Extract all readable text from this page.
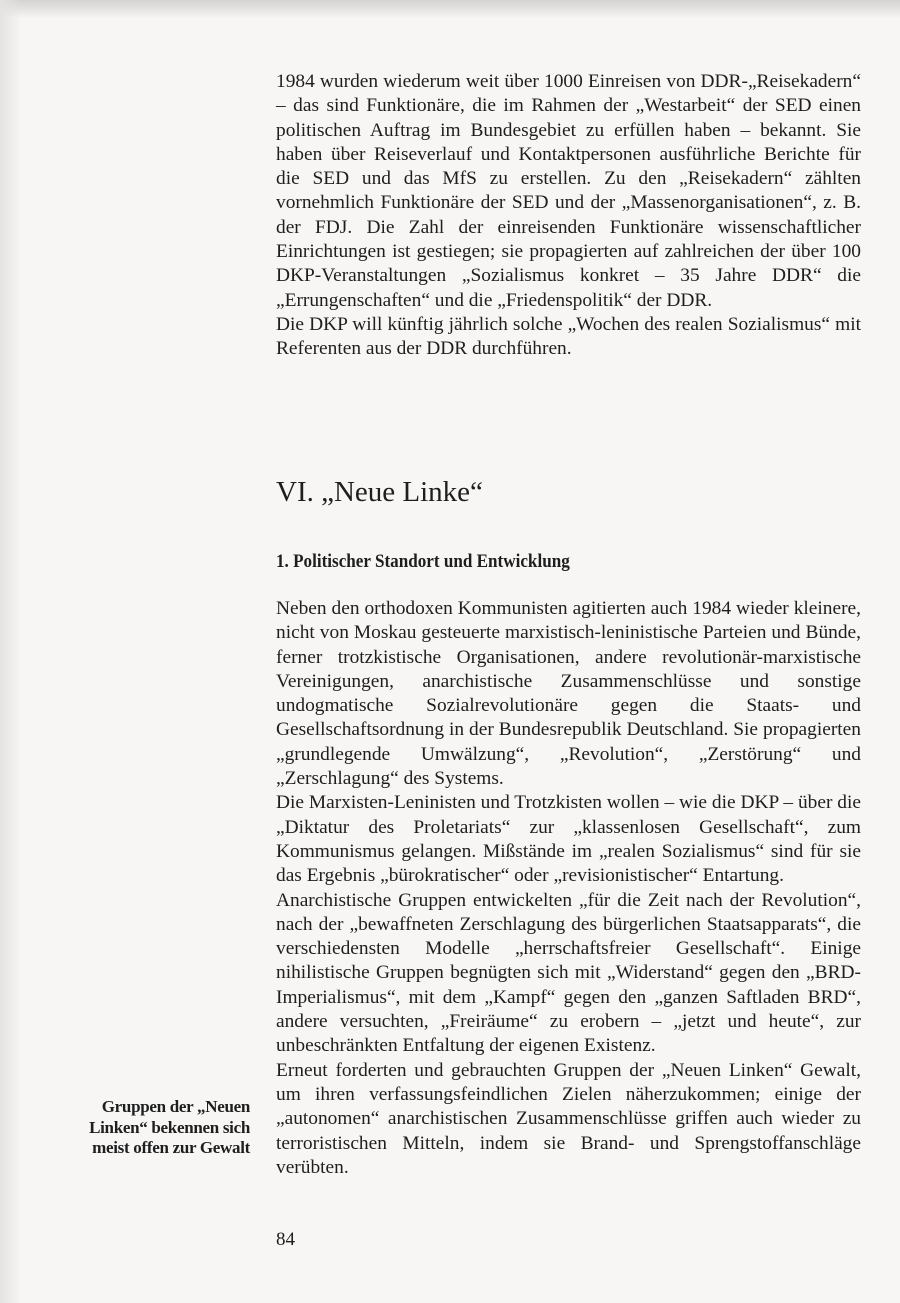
1984 wurden wiederum weit über 1000 Einreisen von DDR-„Reisekadern“ – das sind Funktionäre, die im Rahmen der „Westarbeit“ der SED einen politischen Auftrag im Bundesgebiet zu erfüllen haben – bekannt. Sie haben über Reiseverlauf und Kontaktpersonen ausführliche Berichte für die SED und das MfS zu erstellen. Zu den „Reisekadern“ zählten vornehmlich Funktionäre der SED und der „Massenorganisationen“, z. B. der FDJ. Die Zahl der einreisenden Funktionäre wissenschaftlicher Einrichtungen ist gestiegen; sie propagierten auf zahlreichen der über 100 DKP-Veranstaltungen „Sozialismus konkret – 35 Jahre DDR“ die „Errungenschaften“ und die „Friedenspolitik“ der DDR.

Die DKP will künftig jährlich solche „Wochen des realen Sozialismus“ mit Referenten aus der DDR durchführen.

VI. „Neue Linke“
1. Politischer Standort und Entwicklung

Neben den orthodoxen Kommunisten agitierten auch 1984 wieder kleinere, nicht von Moskau gesteuerte marxistisch-leninistische Parteien und Bünde, ferner trotzkistische Organisationen, andere revolutionär-marxistische Vereinigungen, anarchistische Zusammenschlüsse und sonstige undogmatische Sozialrevolutionäre gegen die Staats- und Gesellschaftsordnung in der Bundesrepublik Deutschland. Sie propagierten „grundlegende Umwälzung“, „Revolution“, „Zerstörung“ und „Zerschlagung“ des Systems.

Die Marxisten-Leninisten und Trotzkisten wollen – wie die DKP – über die „Diktatur des Proletariats“ zur „klassenlosen Gesellschaft“, zum Kommunismus gelangen. Mißstände im „realen Sozialismus“ sind für sie das Ergebnis „bürokratischer“ oder „revisionistischer“ Entartung.

Anarchistische Gruppen entwickelten „für die Zeit nach der Revolution“, nach der „bewaffneten Zerschlagung des bürgerlichen Staatsapparats“, die verschiedensten Modelle „herrschaftsfreier Gesellschaft“. Einige nihilistische Gruppen begnügten sich mit „Widerstand“ gegen den „BRD-Imperialismus“, mit dem „Kampf“ gegen den „ganzen Saftladen BRD“, andere versuchten, „Freiräume“ zu erobern – „jetzt und heute“, zur unbeschränkten Entfaltung der eigenen Existenz.

Erneut forderten und gebrauchten Gruppen der „Neuen Linken“ Gewalt, um ihren verfassungsfeindlichen Zielen näherzukommen; einige der „autonomen“ anarchistischen Zusammenschlüsse griffen auch wieder zu terroristischen Mitteln, indem sie Brand- und Sprengstoffanschläge verübten.

Gruppen der „Neuen Linken“ bekennen sich meist offen zur Gewalt
84
